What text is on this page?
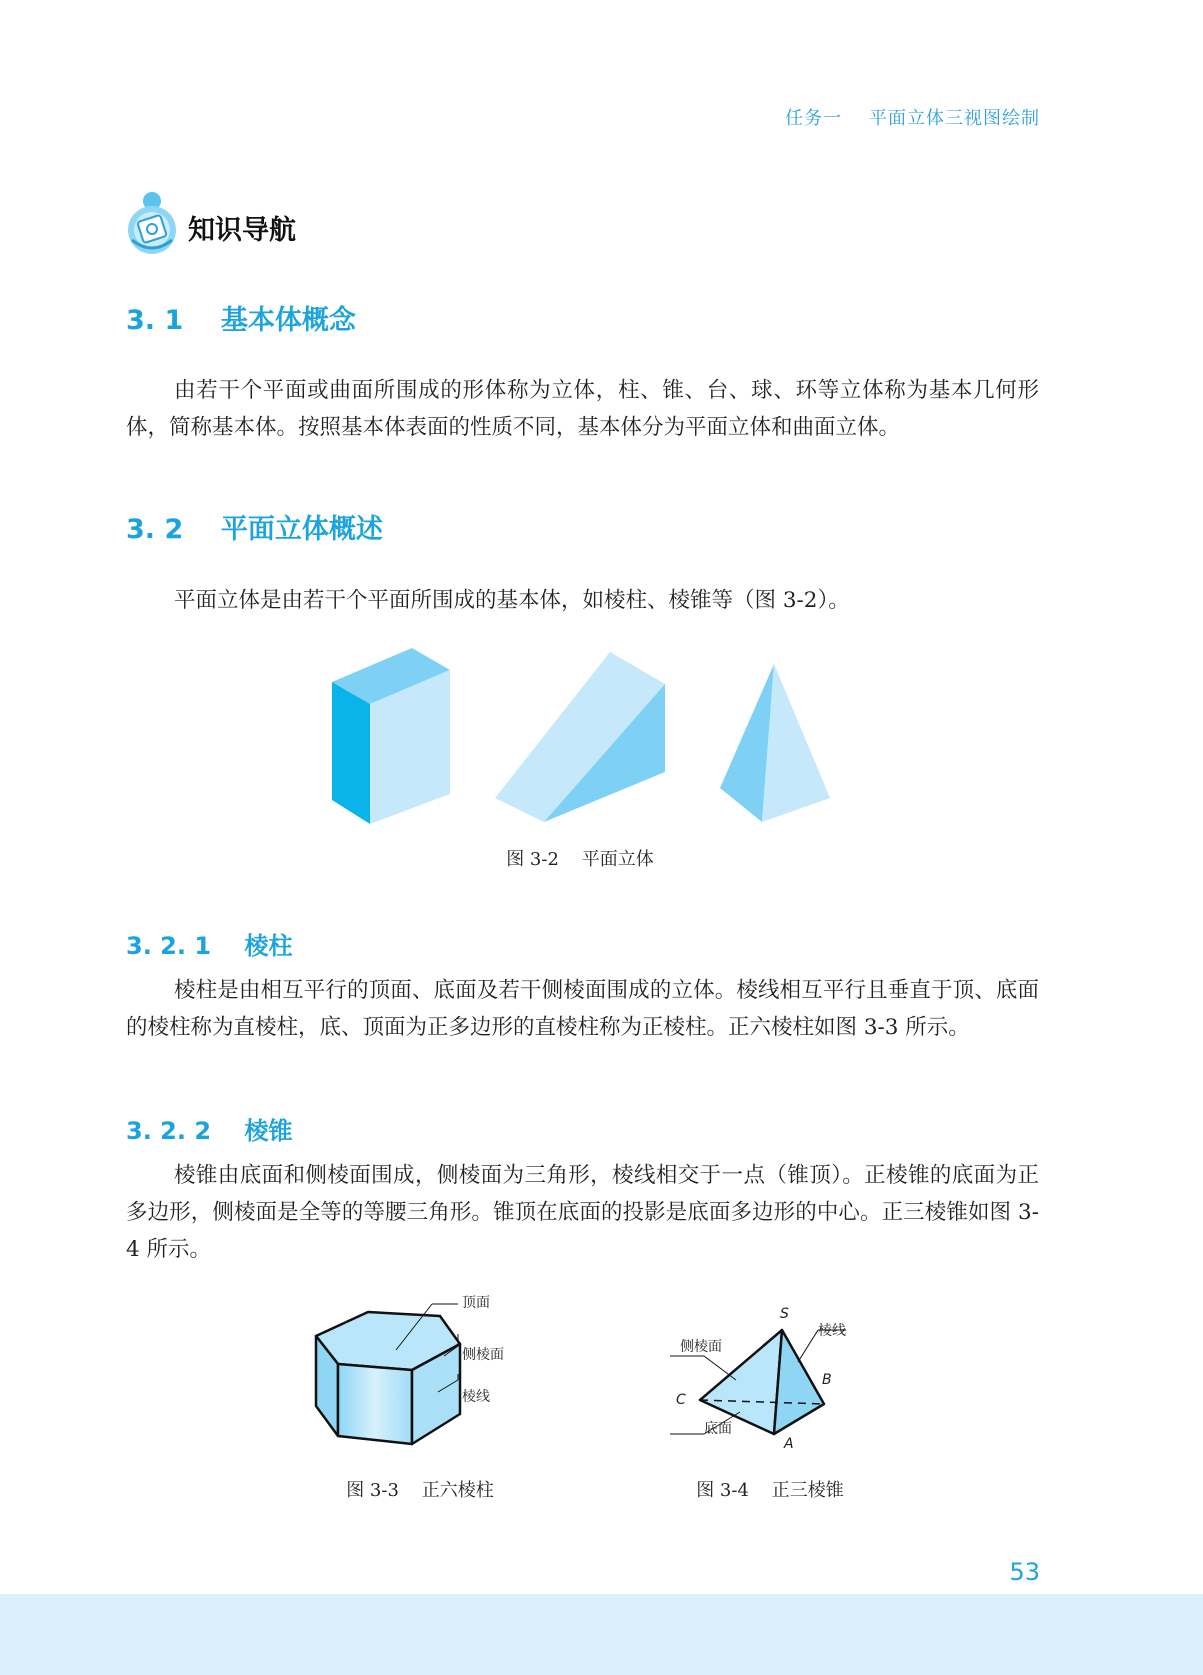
任务一    平面立体三视图绘制
知识导航
3. 1 基本体概念
由若干个平面或曲面所围成的形体称为立体，柱、锥、台、球、环等立体称为基本几何形体，简称基本体。按照基本体表面的性质不同，基本体分为平面立体和曲面立体。
3. 2 平面立体概述
平面立体是由若干个平面所围成的基本体，如棱柱、棱锥等（图 3-2）。
图 3-2    平面立体
3. 2. 1 棱柱
棱柱是由相互平行的顶面、底面及若干侧棱面围成的立体。棱线相互平行且垂直于顶、底面的棱柱称为直棱柱，底、顶面为正多边形的直棱柱称为正棱柱。正六棱柱如图 3-3 所示。
3. 2. 2 棱锥
棱锥由底面和侧棱面围成，侧棱面为三角形，棱线相交于一点（锥顶）。正棱锥的底面为正多边形，侧棱面是全等的等腰三角形。锥顶在底面的投影是底面多边形的中心。正三棱锥如图 3-4 所示。
顶面
侧棱面
棱线
图 3-3    正六棱柱
侧棱面
棱线
底面
S
C
B
A
图 3-4    正三棱锥
53
